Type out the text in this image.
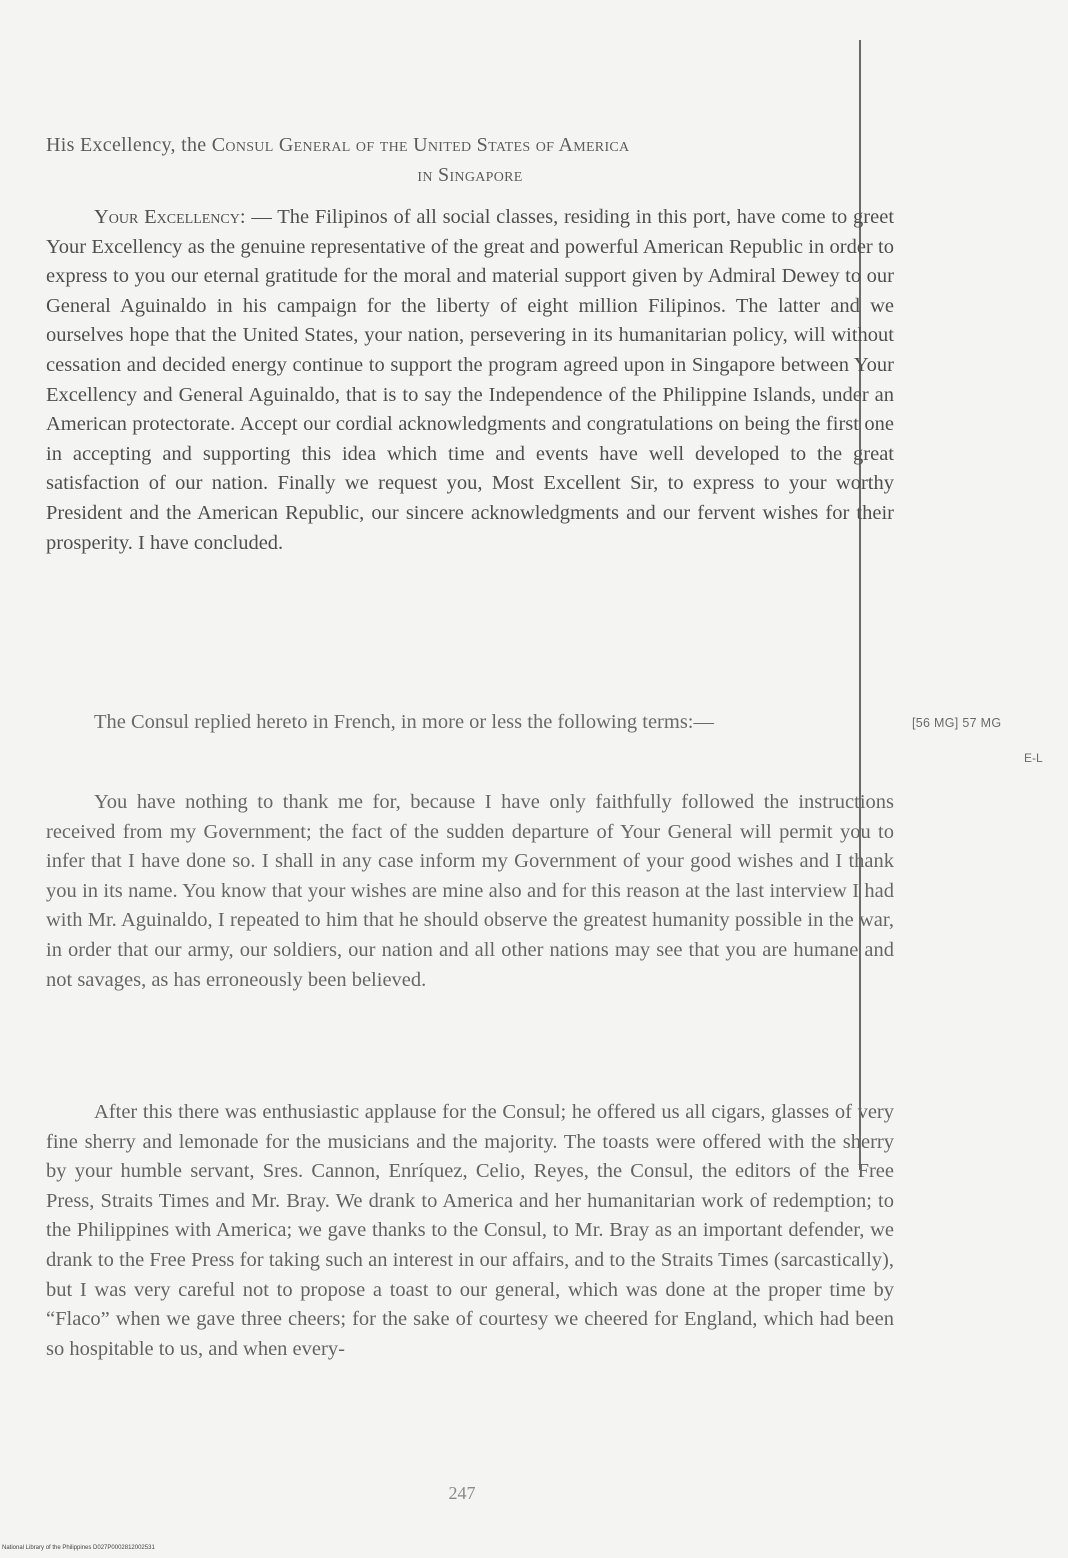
His Excellency, the Consul General of the United States of America
in Singapore

Your Excellency: — The Filipinos of all social classes, residing in this port, have come to greet Your Excellency as the genuine representative of the great and powerful American Republic in order to express to you our eternal gratitude for the moral and material support given by Admiral Dewey to our General Aguinaldo in his campaign for the liberty of eight million Filipinos. The latter and we ourselves hope that the United States, your nation, persevering in its humanitarian policy, will without cessation and decided energy continue to support the program agreed upon in Singapore between Your Excellency and General Aguinaldo, that is to say the Independence of the Philippine Islands, under an American protectorate. Accept our cordial acknowledgments and congratulations on being the first one in accepting and supporting this idea which time and events have well developed to the great satisfaction of our nation. Finally we request you, Most Excellent Sir, to express to your worthy President and the American Republic, our sincere acknowledgments and our fervent wishes for their prosperity. I have concluded.

The Consul replied hereto in French, in more or less the following terms:—	[56 MG] 57 MG
E-L

You have nothing to thank me for, because I have only faithfully followed the instructions received from my Government; the fact of the sudden departure of Your General will permit you to infer that I have done so. I shall in any case inform my Government of your good wishes and I thank you in its name. You know that your wishes are mine also and for this reason at the last interview I had with Mr. Aguinaldo, I repeated to him that he should observe the greatest humanity possible in the war, in order that our army, our soldiers, our nation and all other nations may see that you are humane and not savages, as has erroneously been believed.

After this there was enthusiastic applause for the Consul; he offered us all cigars, glasses of very fine sherry and lemonade for the musicians and the majority. The toasts were offered with the sherry by your humble servant, Sres. Cannon, Enríquez, Celio, Reyes, the Consul, the editors of the Free Press, Straits Times and Mr. Bray. We drank to America and her humanitarian work of redemption; to the Philippines with America; we gave thanks to the Consul, to Mr. Bray as an important defender, we drank to the Free Press for taking such an interest in our affairs, and to the Straits Times (sarcastically), but I was very careful not to propose a toast to our general, which was done at the proper time by “Flaco” when we gave three cheers; for the sake of courtesy we cheered for England, which had been so hospitable to us, and when every-

247
National Library of the Philippines D027P0002812002531
